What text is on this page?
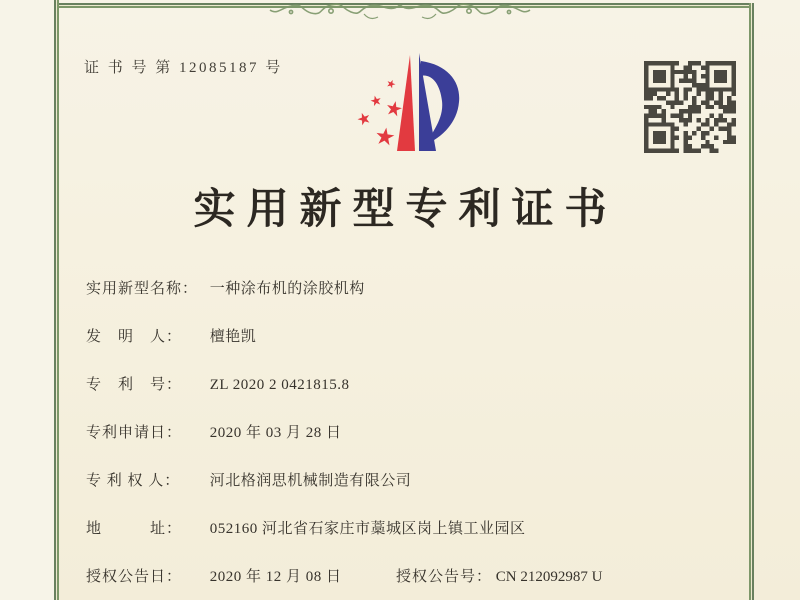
证 书 号 第 12085187 号
实用新型专利证书
实用新型名称： 一种涂布机的涂胶机构
发　明　人： 檀艳凯
专　利　号： ZL 2020 2 0421815.8
专利申请日： 2020 年 03 月 28 日
专 利 权 人： 河北格润思机械制造有限公司
地　　　址： 052160 河北省石家庄市藁城区岗上镇工业园区
授权公告日： 2020 年 12 月 08 日	授权公告号： CN 212092987 U
